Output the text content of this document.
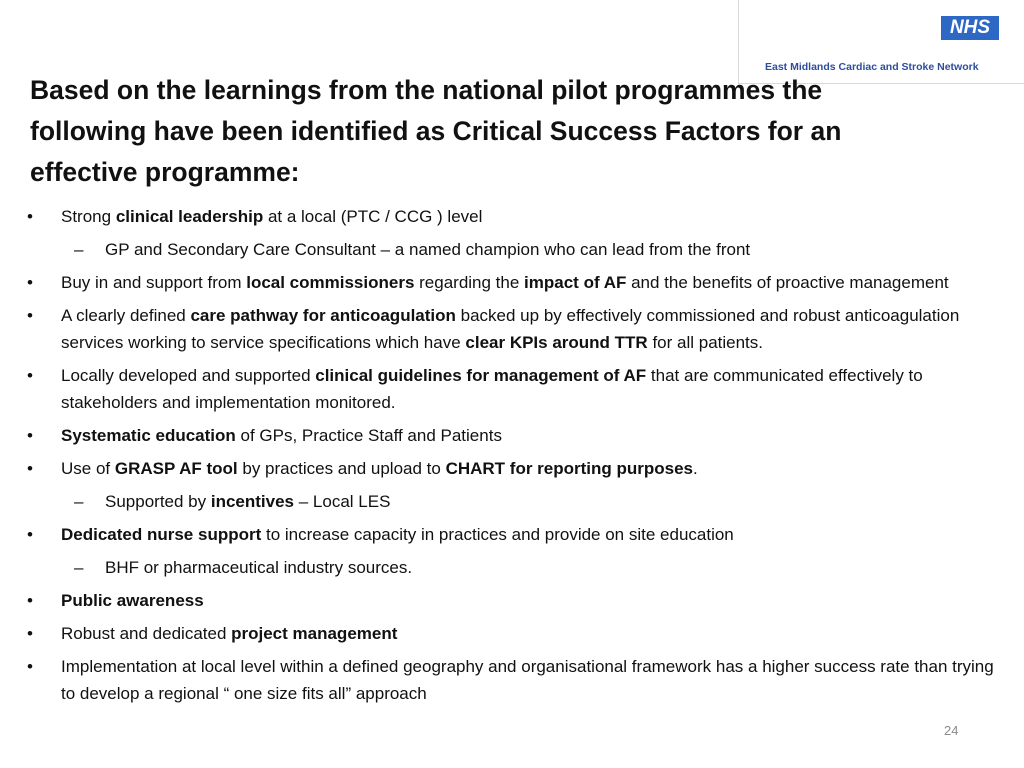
NHS
East Midlands Cardiac and Stroke Network
Based on the learnings from the national pilot programmes the following have been identified as Critical Success Factors for an effective programme:
• Strong clinical leadership at a local (PTC / CCG ) level
– GP and Secondary Care Consultant – a named champion who can lead from the front
• Buy in and support from local commissioners regarding the impact of AF and the benefits of proactive management
• A clearly defined care pathway for anticoagulation backed up by effectively commissioned and robust anticoagulation services working to service specifications which have clear KPIs around TTR for all patients.
• Locally developed and supported clinical guidelines for management of AF that are communicated effectively to stakeholders and implementation monitored.
• Systematic education of GPs, Practice Staff and Patients
• Use of GRASP AF tool by practices and upload to CHART for reporting purposes.
– Supported by incentives – Local LES
• Dedicated nurse support to increase capacity in practices and provide on site education
– BHF or pharmaceutical industry sources.
• Public awareness
• Robust and dedicated project management
• Implementation at local level within a defined geography and organisational framework has a higher success rate than trying to develop a regional “ one size fits all” approach
24
